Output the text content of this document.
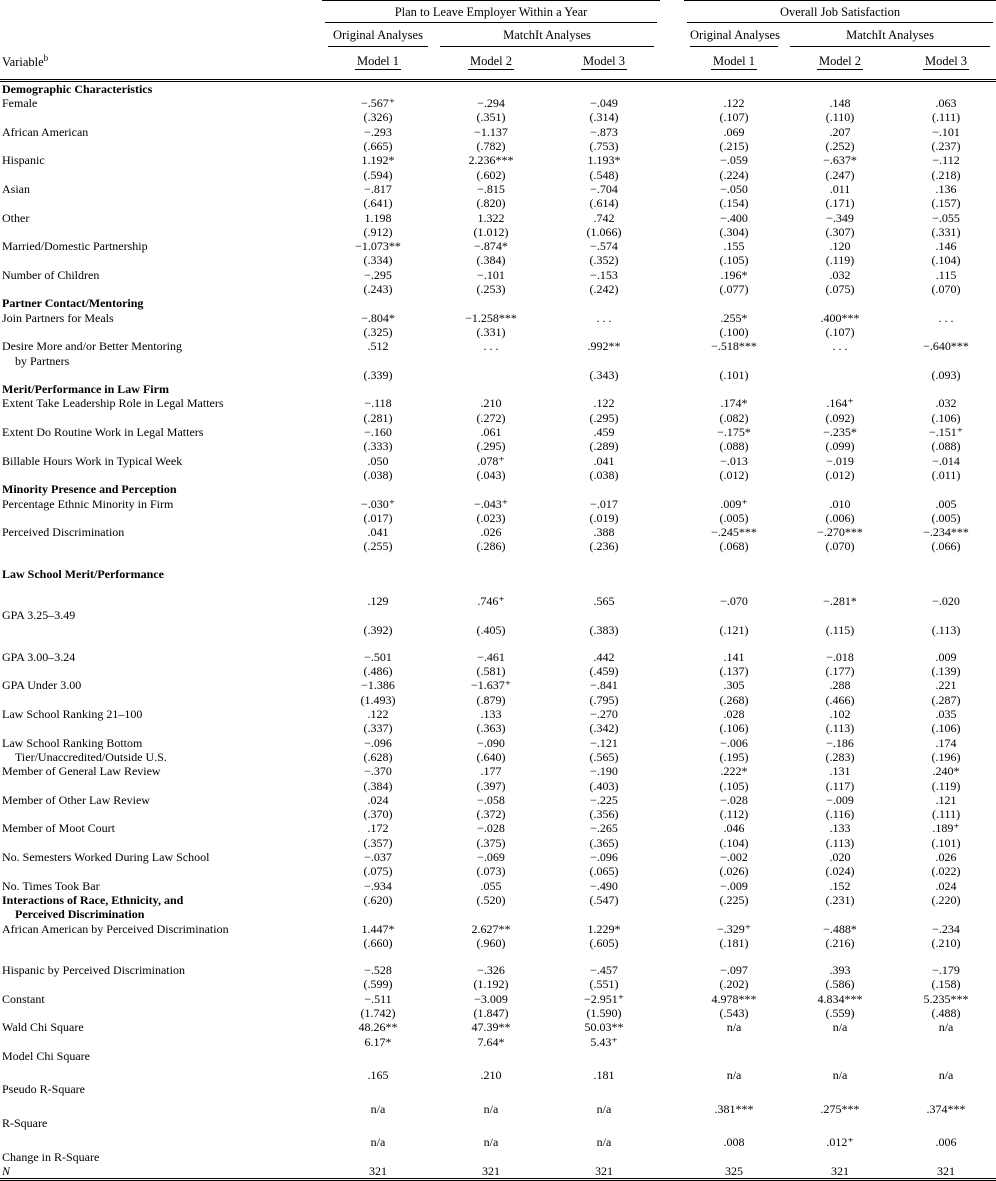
	Plan to Leave Employer Within a Year				Overall Job Satisfaction		

	Original Analyses	MatchIt Analyses			Original Analyses	MatchIt Analyses	

Variable$^b$	Model 1	Model 2	Model 3		Model 1	Model 2	Model 3
Demographic Characteristics							
Female	−.567⁺	−.294	−.049		.122	.148	.063
	(.326)	(.351)	(.314)		(.107)	(.110)	(.111)
African American	−.293	−1.137	−.873		.069	.207	−.101
	(.665)	(.782)	(.753)		(.215)	(.252)	(.237)
Hispanic	1.192*	2.236***	1.193*		−.059	−.637*	−.112
	(.594)	(.602)	(.548)		(.224)	(.247)	(.218)
Asian	−.817	−.815	−.704		−.050	.011	.136
	(.641)	(.820)	(.614)		(.154)	(.171)	(.157)
Other	1.198	1.322	.742		−.400	−.349	−.055
	(.912)	(1.012)	(1.066)		(.304)	(.307)	(.331)
Married/Domestic Partnership	−1.073**	−.874*	−.574		.155	.120	.146
	(.334)	(.384)	(.352)		(.105)	(.119)	(.104)
Number of Children	−.295	−.101	−.153		.196*	.032	.115
	(.243)	(.253)	(.242)		(.077)	(.075)	(.070)
Partner Contact/Mentoring							
Join Partners for Meals	−.804*	−1.258***	. . .		.255*	.400***	. . .
	(.325)	(.331)			(.100)	(.107)	
Desire More and/or Better Mentoring	.512	. . .	.992**		−.518***	. . .	−.640***
by Partners							
	(.339)		(.343)		(.101)		(.093)
Merit/Performance in Law Firm							
Extent Take Leadership Role in Legal Matters	−.118	.210	.122		.174*	.164⁺	.032
	(.281)	(.272)	(.295)		(.082)	(.092)	(.106)
Extent Do Routine Work in Legal Matters	−.160	.061	.459		−.175*	−.235*	−.151⁺
	(.333)	(.295)	(.289)		(.088)	(.099)	(.088)
Billable Hours Work in Typical Week	.050	.078⁺	.041		−.013	−.019	−.014
	(.038)	(.043)	(.038)		(.012)	(.012)	(.011)
Minority Presence and Perception							
Percentage Ethnic Minority in Firm	−.030⁺	−.043⁺	−.017		.009⁺	.010	.005
	(.017)	(.023)	(.019)		(.005)	(.006)	(.005)
Perceived Discrimination	.041	.026	.388		−.245***	−.270***	−.234***
	(.255)	(.286)	(.236)		(.068)	(.070)	(.066)

Law School Merit/Performance							

	.129	.746⁺	.565		−.070	−.281*	−.020
GPA 3.25–3.49							
	(.392)	(.405)	(.383)		(.121)	(.115)	(.113)

GPA 3.00–3.24	−.501	−.461	.442		.141	−.018	.009
	(.486)	(.581)	(.459)		(.137)	(.177)	(.139)
GPA Under 3.00	−1.386	−1.637⁺	−.841		.305	.288	.221
	(1.493)	(.879)	(.795)		(.268)	(.466)	(.287)
Law School Ranking 21–100	.122	.133	−.270		.028	.102	.035
	(.337)	(.363)	(.342)		(.106)	(.113)	(.106)
Law School Ranking Bottom	−.096	−.090	−.121		−.006	−.186	.174
Tier/Unaccredited/Outside U.S.	(.628)	(.640)	(.565)		(.195)	(.283)	(.196)
Member of General Law Review	−.370	.177	−.190		.222*	.131	.240*
	(.384)	(.397)	(.403)		(.105)	(.117)	(.119)
Member of Other Law Review	.024	−.058	−.225		−.028	−.009	.121
	(.370)	(.372)	(.356)		(.112)	(.116)	(.111)
Member of Moot Court	.172	−.028	−.265		.046	.133	.189⁺
	(.357)	(.375)	(.365)		(.104)	(.113)	(.101)
No. Semesters Worked During Law School	−.037	−.069	−.096		−.002	.020	.026
	(.075)	(.073)	(.065)		(.026)	(.024)	(.022)
No. Times Took Bar	−.934	.055	−.490		−.009	.152	.024
Interactions of Race, Ethnicity, and	(.620)	(.520)	(.547)		(.225)	(.231)	(.220)
Perceived Discrimination							
African American by Perceived Discrimination	1.447*	2.627**	1.229*		−.329⁺	−.488*	−.234
	(.660)	(.960)	(.605)		(.181)	(.216)	(.210)

Hispanic by Perceived Discrimination	−.528	−.326	−.457		−.097	.393	−.179
	(.599)	(1.192)	(.551)		(.202)	(.586)	(.158)
Constant	−.511	−3.009	−2.951⁺		4.978***	4.834***	5.235***
	(1.742)	(1.847)	(1.590)		(.543)	(.559)	(.488)
Wald Chi Square	48.26**	47.39**	50.03**		n/a	n/a	n/a
	6.17*	7.64*	5.43⁺				
Model Chi Square							

	.165	.210	.181		n/a	n/a	n/a
Pseudo R-Square							

	n/a	n/a	n/a		.381***	.275***	.374***
R-Square							

	n/a	n/a	n/a		.008	.012⁺	.006
Change in R-Square							
N	321	321	321		325	321	321
